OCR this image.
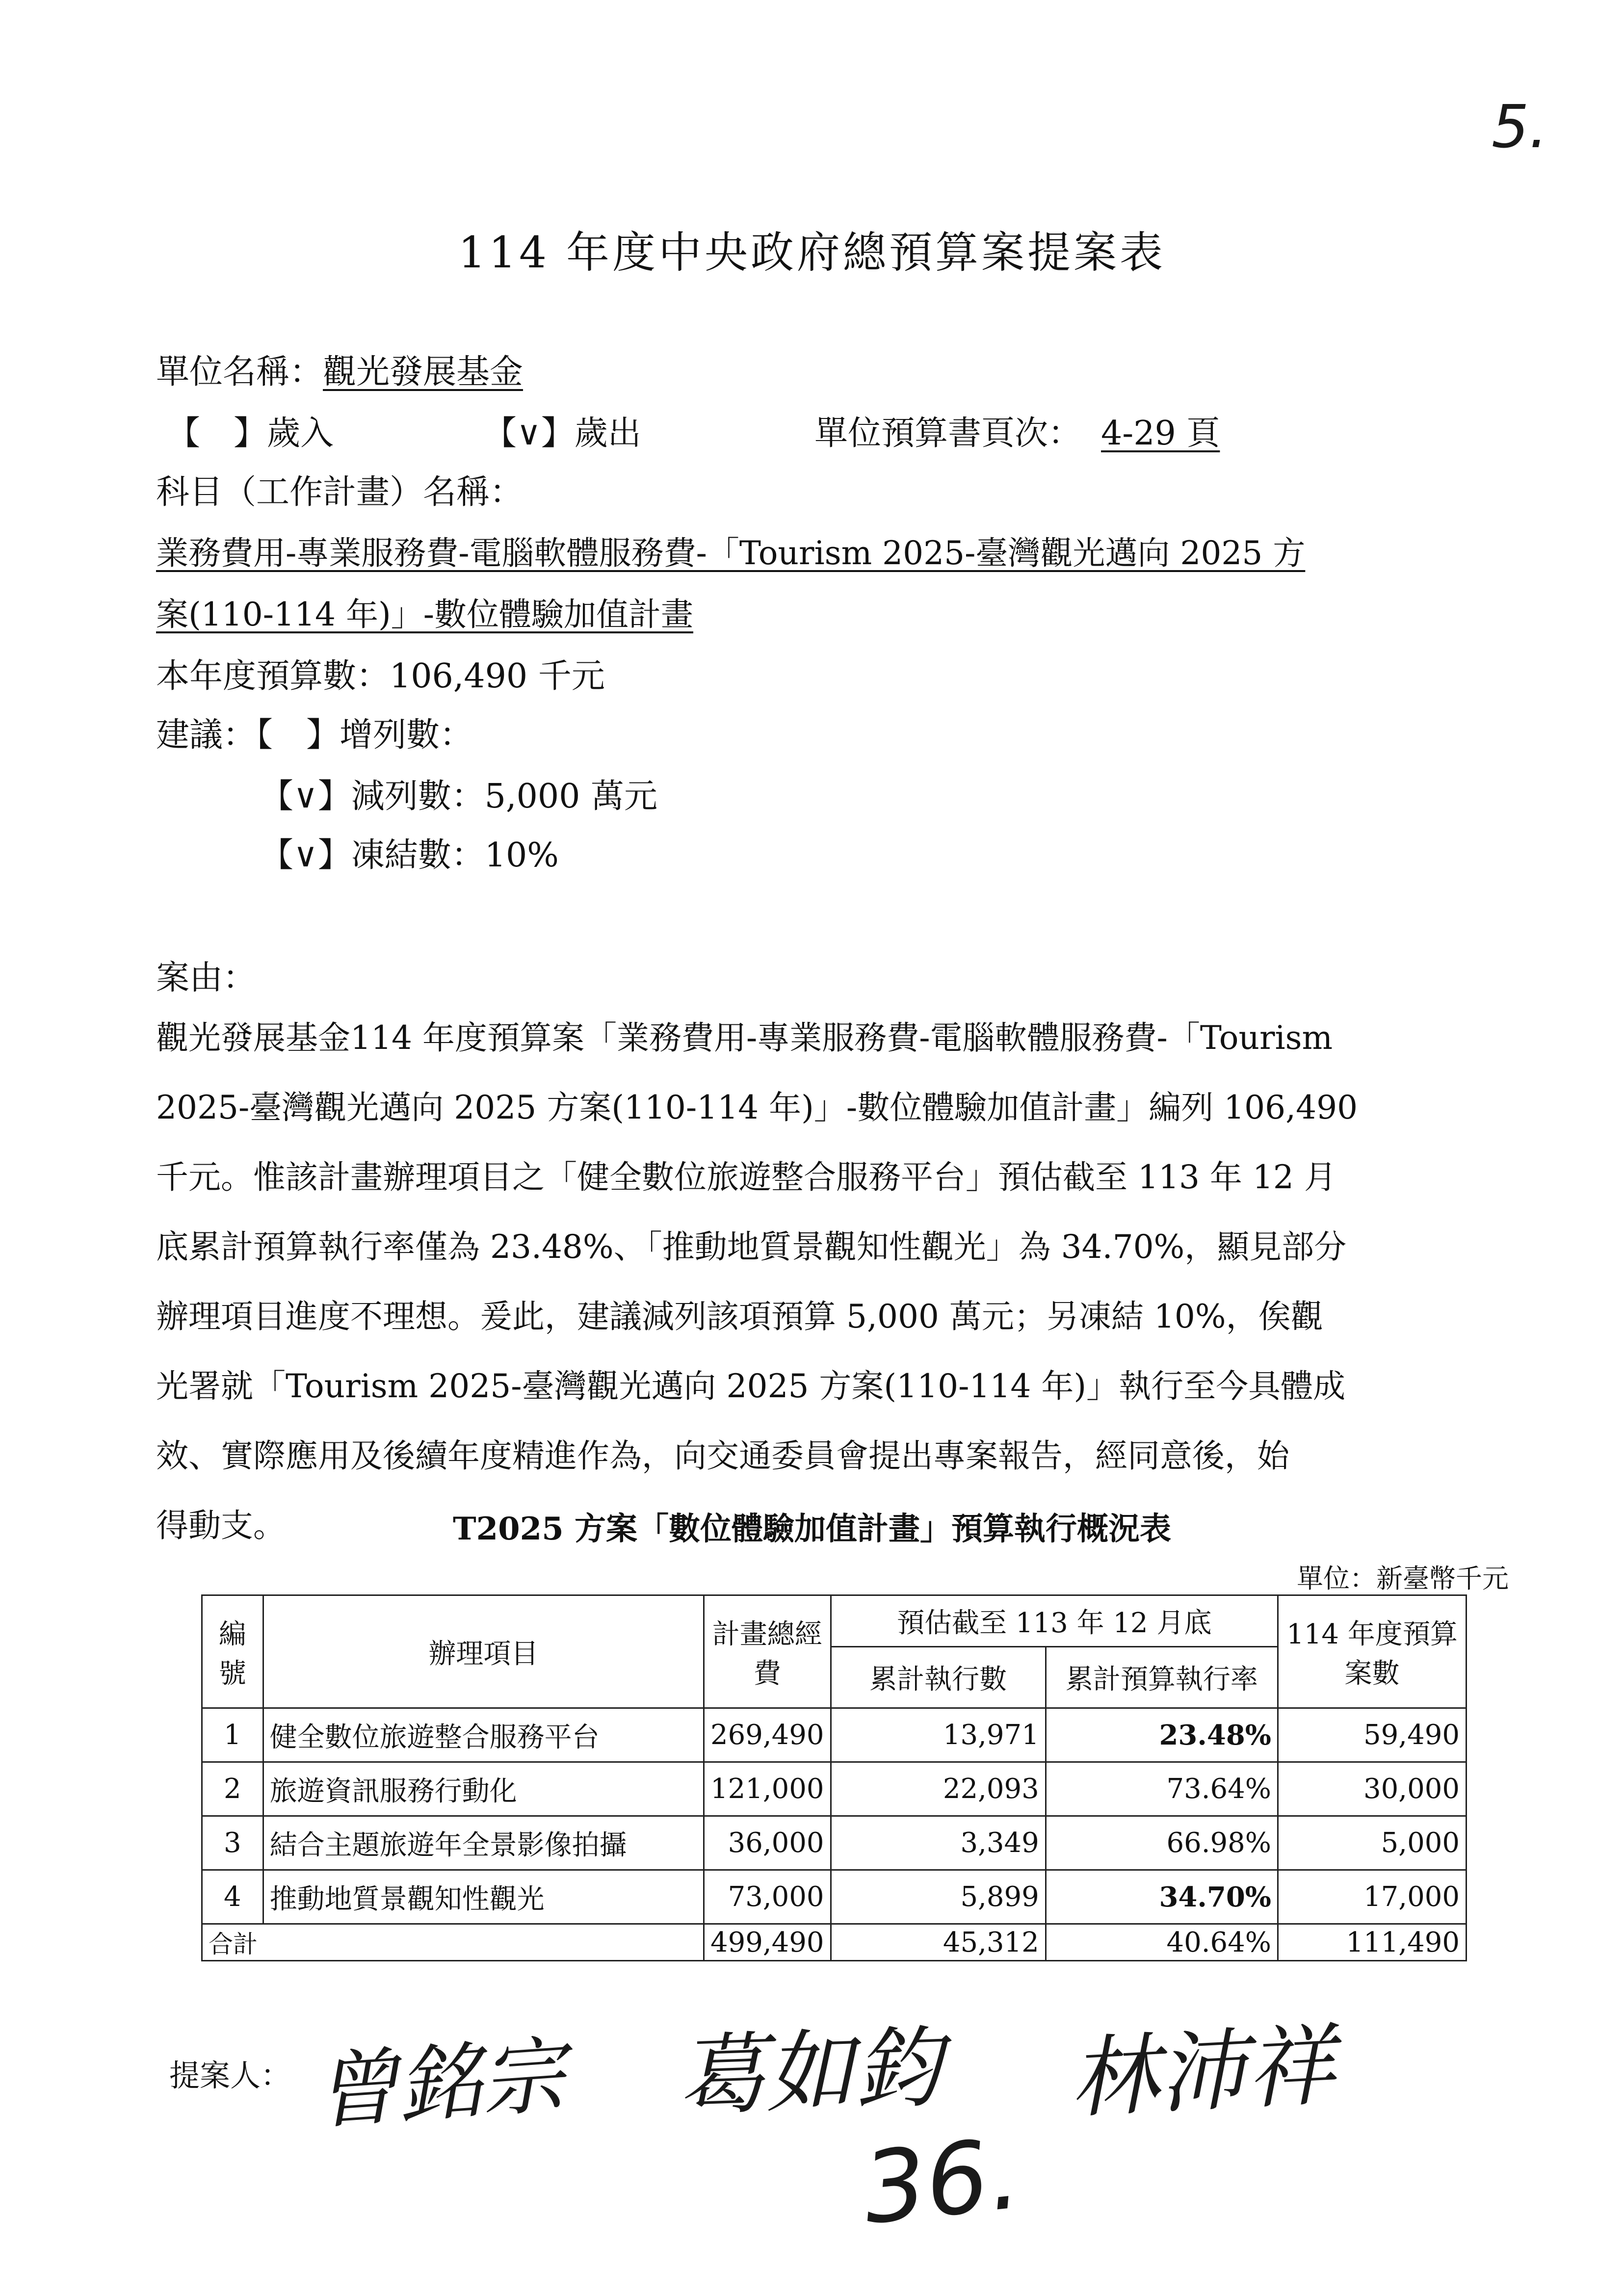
5.
114 年度中央政府總預算案提案表
單位名稱：觀光發展基金
【　】歲入	【∨】歲出	單位預算書頁次： 4-29 頁
科目（工作計畫）名稱：
業務費用-專業服務費-電腦軟體服務費-「Tourism 2025-臺灣觀光邁向 2025 方
案(110-114 年)」-數位體驗加值計畫
本年度預算數：106,490 千元
建議：【　】增列數：
【∨】減列數：5,000 萬元
【∨】凍結數：10%
案由：
觀光發展基金114 年度預算案「業務費用-專業服務費-電腦軟體服務費-「Tourism
2025-臺灣觀光邁向 2025 方案(110-114 年)」-數位體驗加值計畫」編列 106,490
千元。惟該計畫辦理項目之「健全數位旅遊整合服務平台」預估截至 113 年 12 月
底累計預算執行率僅為 23.48%、「推動地質景觀知性觀光」為 34.70%，顯見部分
辦理項目進度不理想。爰此，建議減列該項預算 5,000 萬元；另凍結 10%，俟觀
光署就「Tourism 2025-臺灣觀光邁向 2025 方案(110-114 年)」執行至今具體成
效、實際應用及後續年度精進作為，向交通委員會提出專案報告，經同意後，始
得動支。	T2025 方案「數位體驗加值計畫」預算執行概況表
單位：新臺幣千元
編號	辦理項目	計畫總經費	預估截至 113 年 12 月底		114 年度預算案數
			累計執行數	累計預算執行率	
1	健全數位旅遊整合服務平台	269,490	13,971	23.48%	59,490
2	旅遊資訊服務行動化	121,000	22,093	73.64%	30,000
3	結合主題旅遊年全景影像拍攝	36,000	3,349	66.98%	5,000
4	推動地質景觀知性觀光	73,000	5,899	34.70%	17,000
合計		499,490	45,312	40.64%	111,490
提案人： 曾銘宗 葛如鈞 林沛祥
36.
